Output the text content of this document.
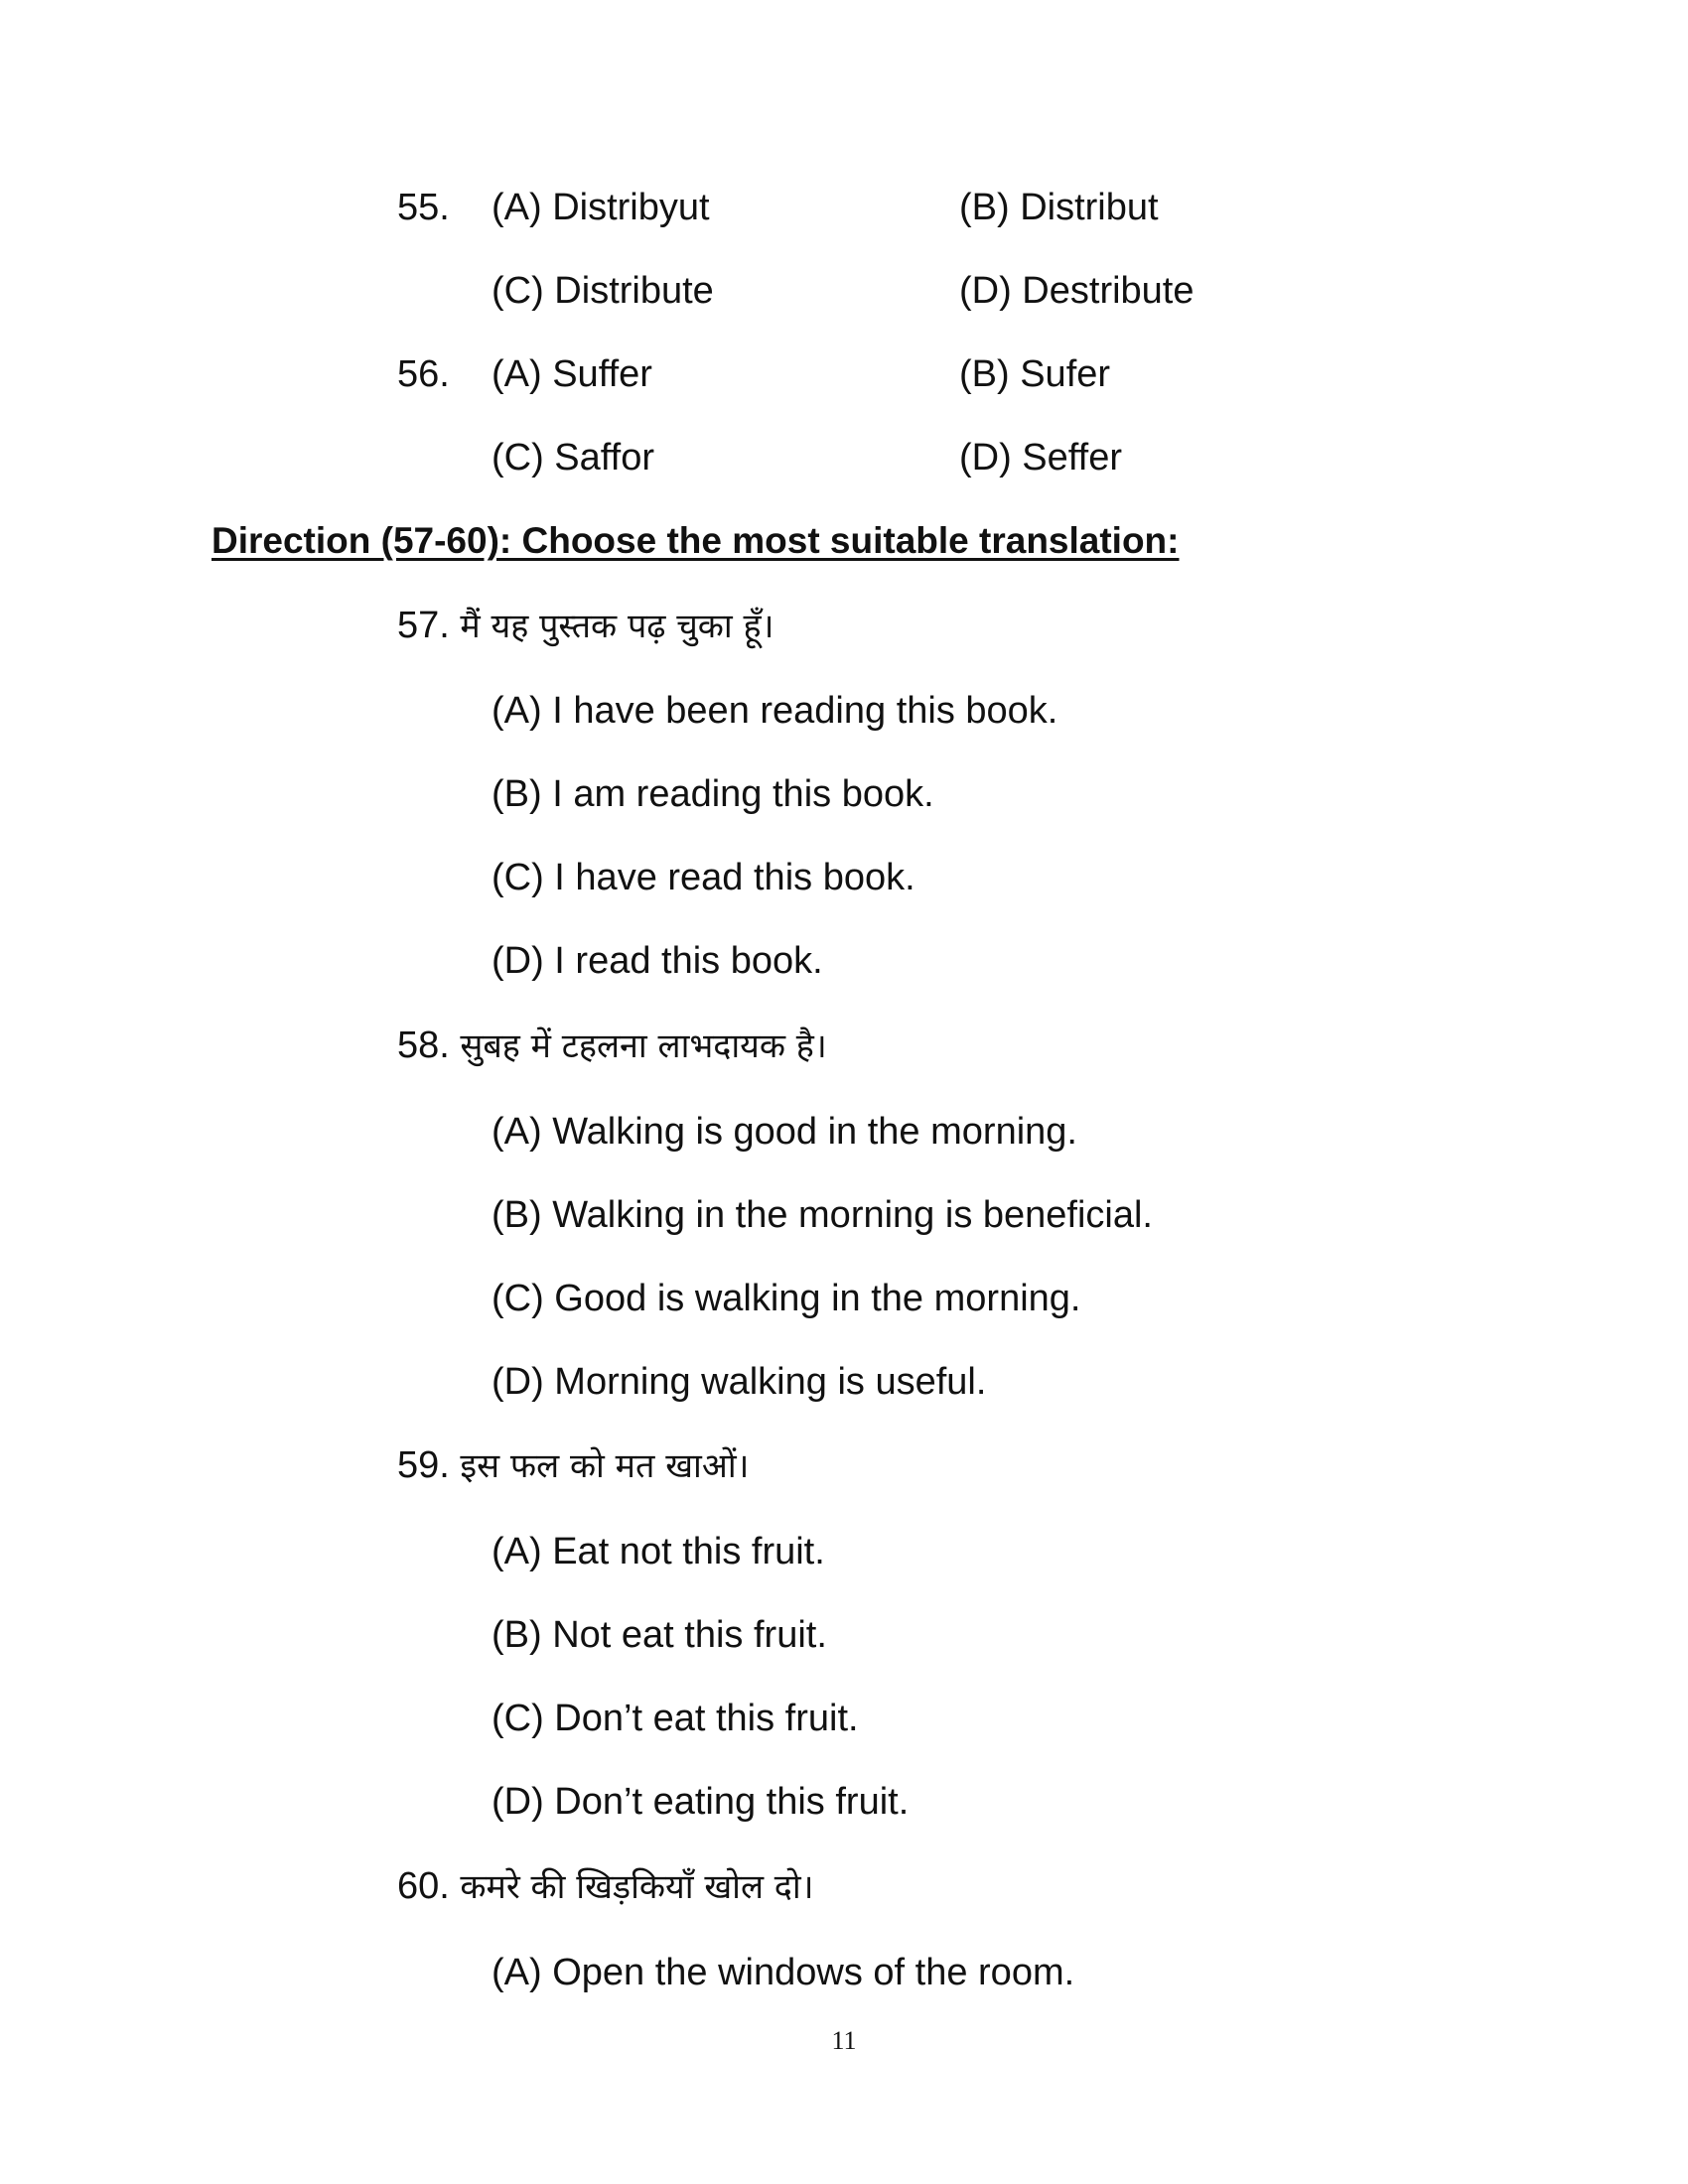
55. (A) Distribyut	(B) Distribut
(C) Distribute	(D) Destribute
56. (A) Suffer	(B) Sufer
(C) Saffor	(D) Seffer
Direction (57-60): Choose the most suitable translation:
57. मैं यह पुस्तक पढ़ चुका हूँ।
(A) I have been reading this book.
(B) I am reading this book.
(C) I have read this book.
(D) I read this book.
58. सुबह में टहलना लाभदायक है।
(A) Walking is good in the morning.
(B) Walking in the morning is beneficial.
(C) Good is walking in the morning.
(D) Morning walking is useful.
59. इस फल को मत खाओं।
(A) Eat not this fruit.
(B) Not eat this fruit.
(C) Don’t eat this fruit.
(D) Don’t eating this fruit.
60. कमरे की खिड़कियाँ खोल दो।
(A) Open the windows of the room.
11
